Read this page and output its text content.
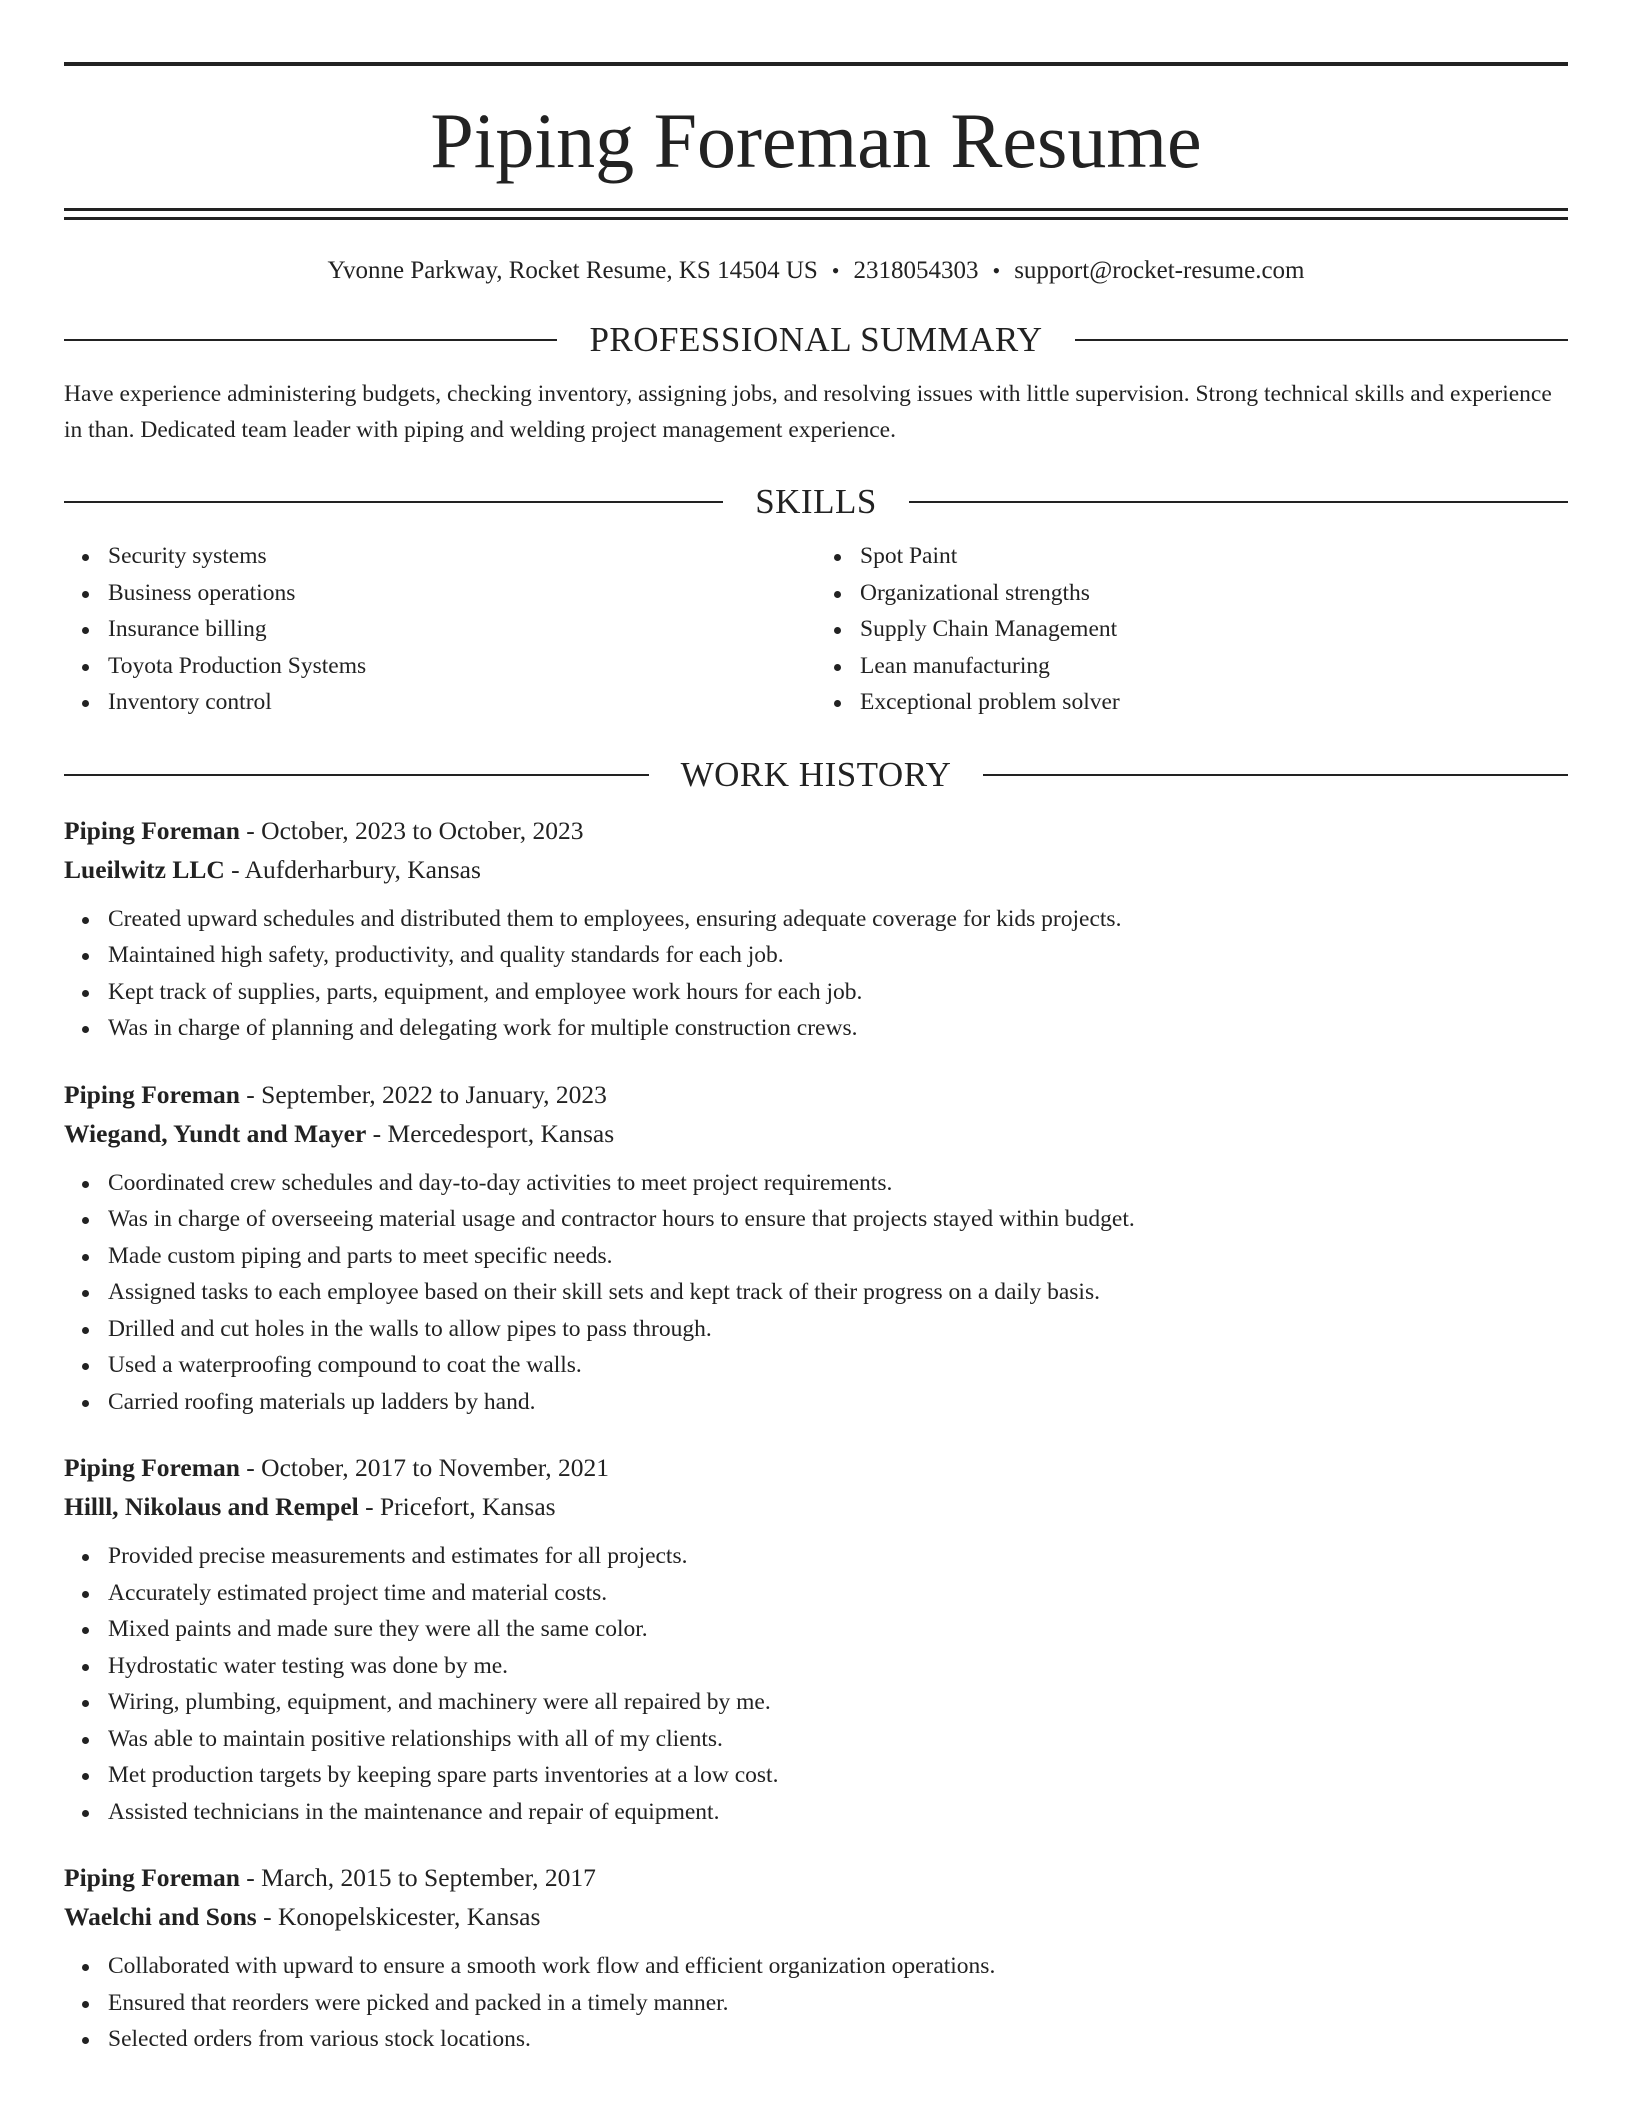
Piping Foreman Resume
Yvonne Parkway, Rocket Resume, KS 14504 US • 2318054303 • support@rocket-resume.com
PROFESSIONAL SUMMARY
Have experience administering budgets, checking inventory, assigning jobs, and resolving issues with little supervision. Strong technical skills and experience in than. Dedicated team leader with piping and welding project management experience.
SKILLS
Security systems
Business operations
Insurance billing
Toyota Production Systems
Inventory control
Spot Paint
Organizational strengths
Supply Chain Management
Lean manufacturing
Exceptional problem solver
WORK HISTORY
Piping Foreman - October, 2023 to October, 2023
Lueilwitz LLC - Aufderharbury, Kansas
Created upward schedules and distributed them to employees, ensuring adequate coverage for kids projects.
Maintained high safety, productivity, and quality standards for each job.
Kept track of supplies, parts, equipment, and employee work hours for each job.
Was in charge of planning and delegating work for multiple construction crews.
Piping Foreman - September, 2022 to January, 2023
Wiegand, Yundt and Mayer - Mercedesport, Kansas
Coordinated crew schedules and day-to-day activities to meet project requirements.
Was in charge of overseeing material usage and contractor hours to ensure that projects stayed within budget.
Made custom piping and parts to meet specific needs.
Assigned tasks to each employee based on their skill sets and kept track of their progress on a daily basis.
Drilled and cut holes in the walls to allow pipes to pass through.
Used a waterproofing compound to coat the walls.
Carried roofing materials up ladders by hand.
Piping Foreman - October, 2017 to November, 2021
Hilll, Nikolaus and Rempel - Pricefort, Kansas
Provided precise measurements and estimates for all projects.
Accurately estimated project time and material costs.
Mixed paints and made sure they were all the same color.
Hydrostatic water testing was done by me.
Wiring, plumbing, equipment, and machinery were all repaired by me.
Was able to maintain positive relationships with all of my clients.
Met production targets by keeping spare parts inventories at a low cost.
Assisted technicians in the maintenance and repair of equipment.
Piping Foreman - March, 2015 to September, 2017
Waelchi and Sons - Konopelskicester, Kansas
Collaborated with upward to ensure a smooth work flow and efficient organization operations.
Ensured that reorders were picked and packed in a timely manner.
Selected orders from various stock locations.
